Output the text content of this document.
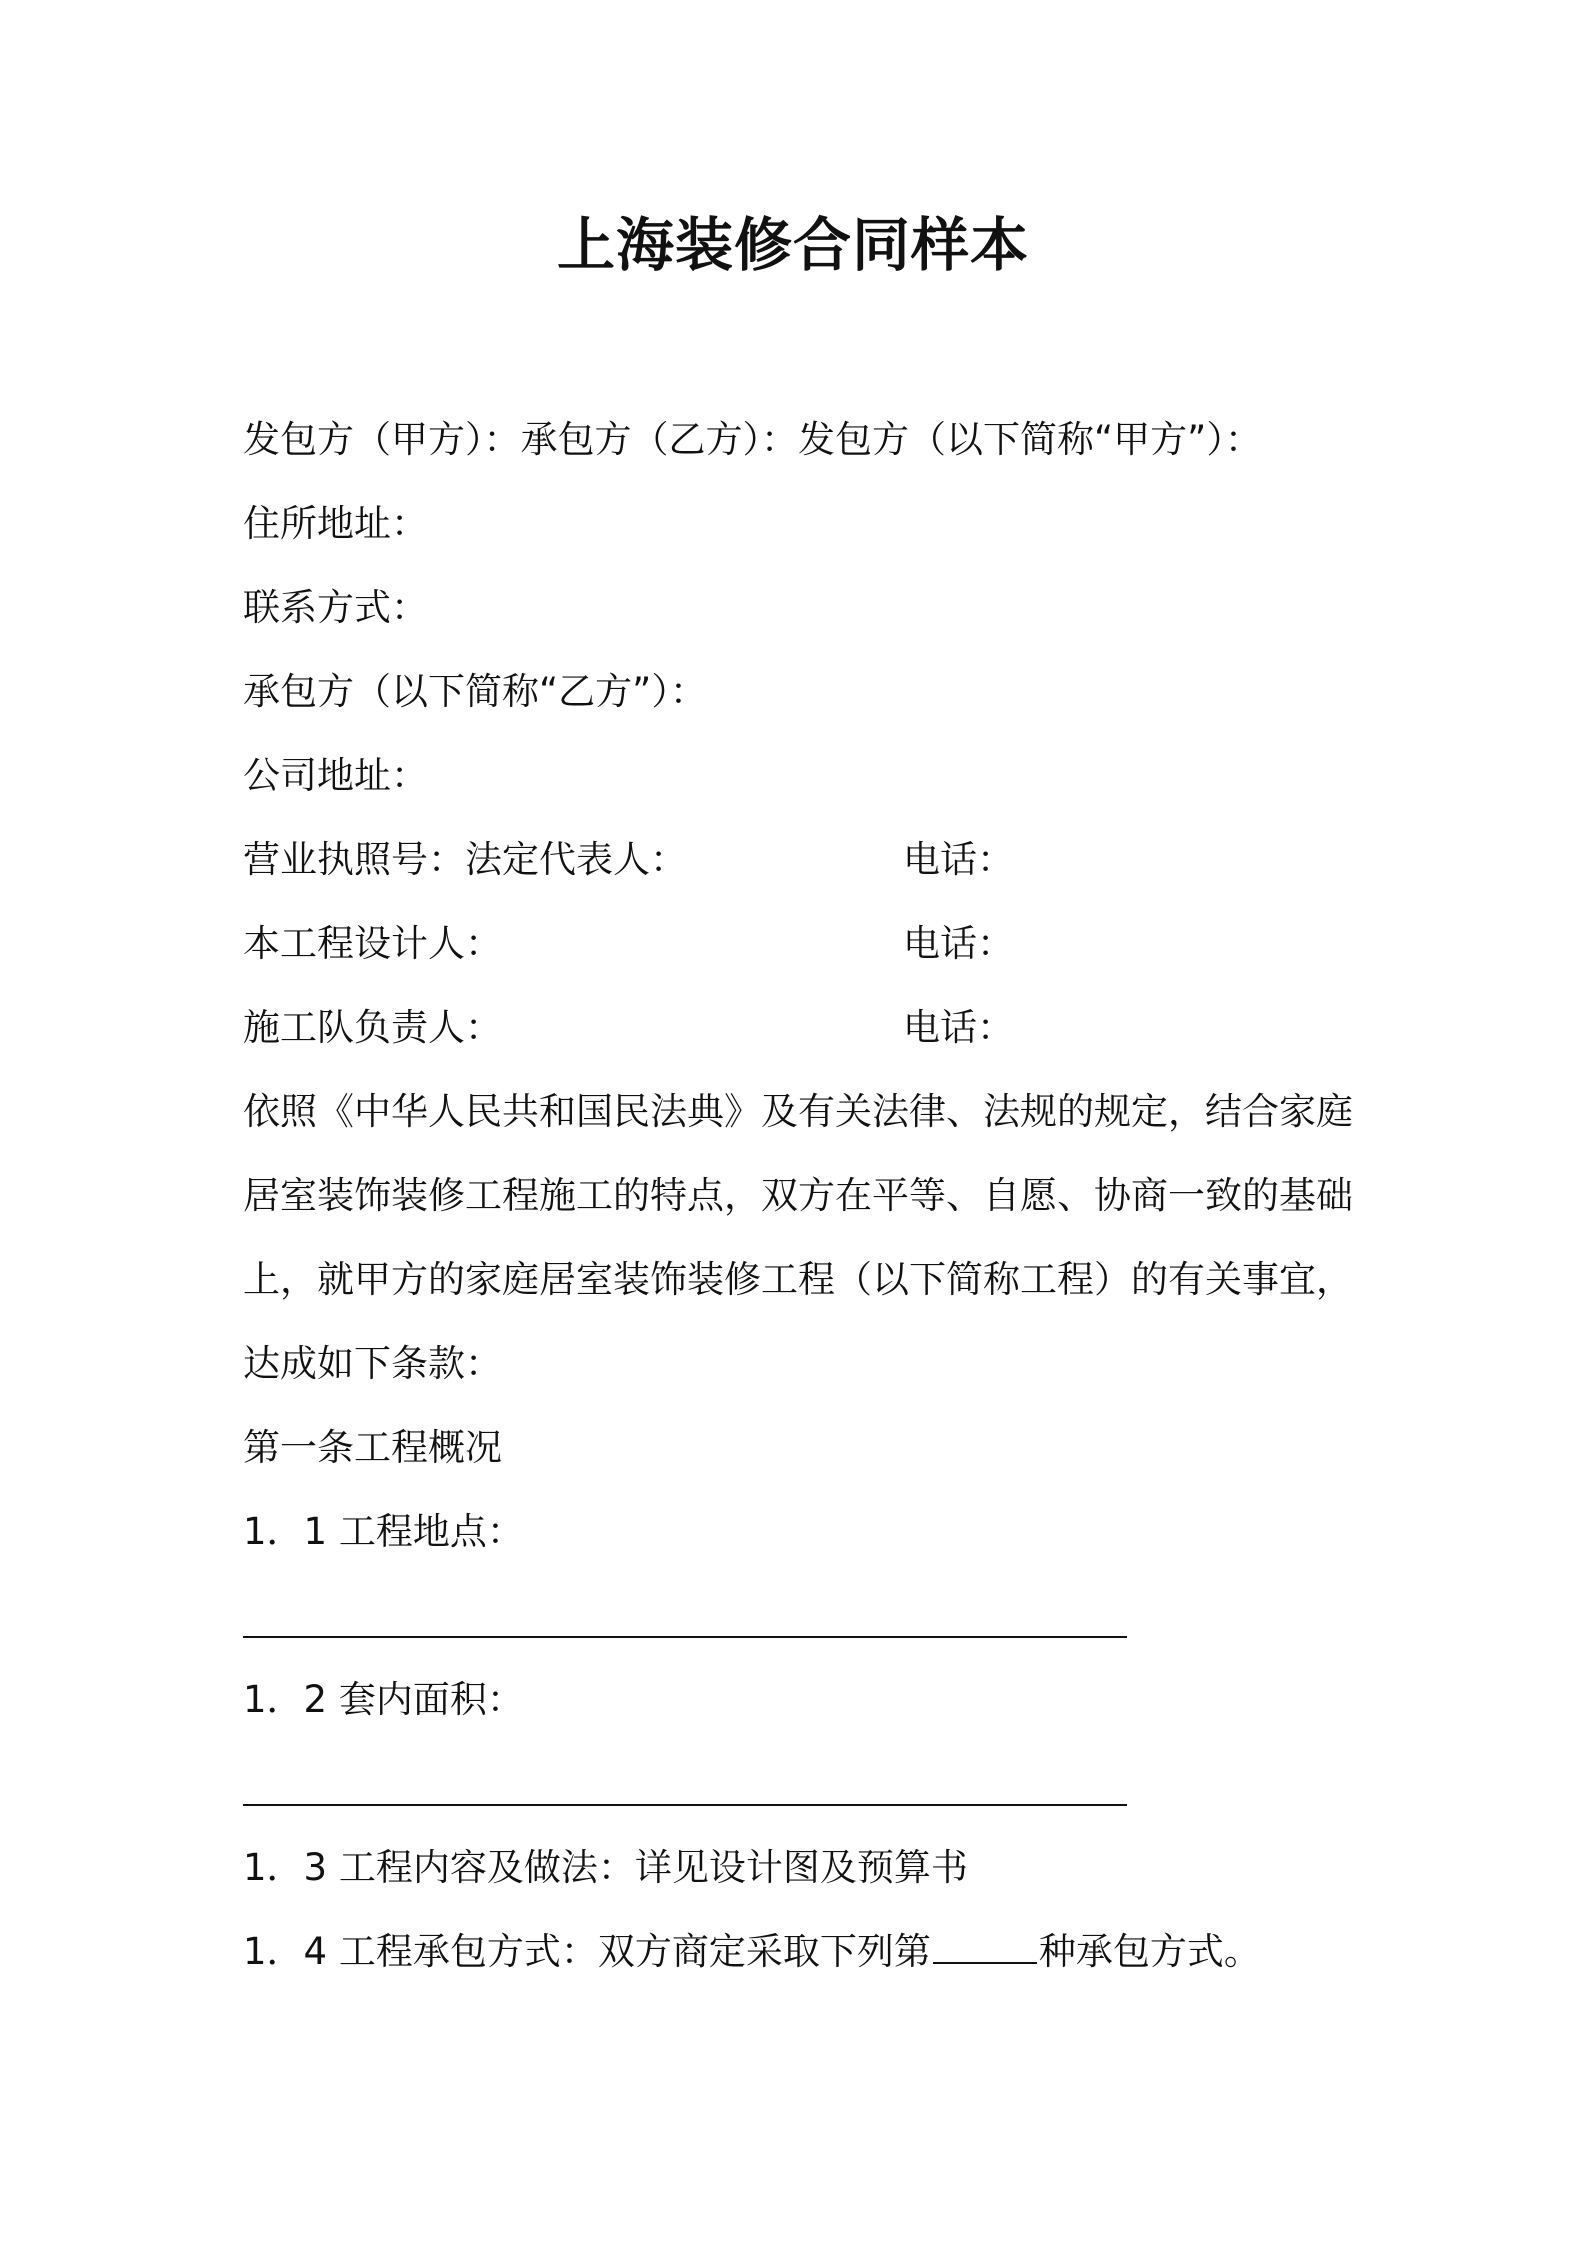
上海装修合同样本
发包方（甲方）：承包方（乙方）：发包方（以下简称“甲方”）：
住所地址：
联系方式：
承包方（以下简称“乙方”）：
公司地址：
营业执照号：法定代表人：	电话：
本工程设计人：	电话：
施工队负责人：	电话：
依照《中华人民共和国民法典》及有关法律、法规的规定，结合家庭
居室装饰装修工程施工的特点，双方在平等、自愿、协商一致的基础
上，就甲方的家庭居室装饰装修工程（以下简称工程）的有关事宜，
达成如下条款：
第一条工程概况
1．1 工程地点：
1．2 套内面积：
1．3 工程内容及做法：详见设计图及预算书
1．4 工程承包方式：双方商定采取下列第	种承包方式。
